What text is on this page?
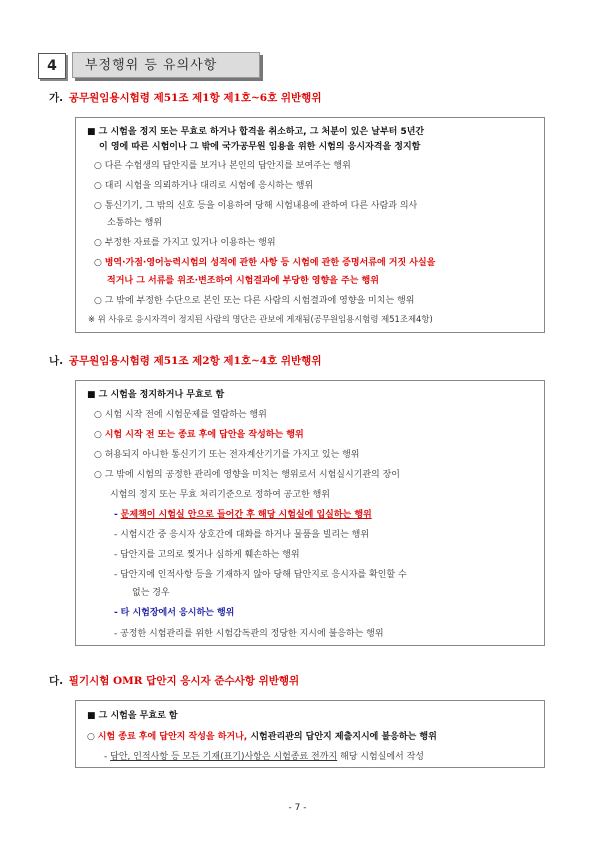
4	부정행위 등 유의사항
가. 공무원임용시험령 제51조 제1항 제1호~6호 위반행위
■ 그 시험을 정지 또는 무효로 하거나 합격을 취소하고, 그 처분이 있은 날부터 5년간
이 영에 따른 시험이나 그 밖에 국가공무원 임용을 위한 시험의 응시자격을 정지함
○ 다른 수험생의 답안지를 보거나 본인의 답안지를 보여주는 행위
○ 대리 시험을 의뢰하거나 대리로 시험에 응시하는 행위
○ 통신기기, 그 밖의 신호 등을 이용하여 당해 시험내용에 관하여 다른 사람과 의사
소통하는 행위
○ 부정한 자료를 가지고 있거나 이용하는 행위
○ 병역·가점·영어능력시험의 성적에 관한 사항 등 시험에 관한 증명서류에 거짓 사실을
적거나 그 서류를 위조·변조하여 시험결과에 부당한 영향을 주는 행위
○ 그 밖에 부정한 수단으로 본인 또는 다른 사람의 시험결과에 영향을 미치는 행위
※ 위 사유로 응시자격이 정지된 사람의 명단은 관보에 게재됨(공무원임용시험령 제51조제4항)
나. 공무원임용시험령 제51조 제2항 제1호~4호 위반행위
■ 그 시험을 정지하거나 무효로 함
○ 시험 시작 전에 시험문제를 열람하는 행위
○ 시험 시작 전 또는 종료 후에 답안을 작성하는 행위
○ 허용되지 아니한 통신기기 또는 전자계산기기를 가지고 있는 행위
○ 그 밖에 시험의 공정한 관리에 영향을 미치는 행위로서 시험실시기관의 장이
시험의 정지 또는 무효 처리기준으로 정하여 공고한 행위
- 문제책이 시험실 안으로 들어간 후 해당 시험실에 입실하는 행위
- 시험시간 중 응시자 상호간에 대화를 하거나 물품을 빌리는 행위
- 답안지를 고의로 찢거나 심하게 훼손하는 행위
- 답안지에 인적사항 등을 기재하지 않아 당해 답안지로 응시자를 확인할 수
없는 경우
- 타 시험장에서 응시하는 행위
- 공정한 시험관리를 위한 시험감독관의 정당한 지시에 불응하는 행위
다. 필기시험 OMR 답안지 응시자 준수사항 위반행위
■ 그 시험을 무효로 함
○ 시험 종료 후에 답안지 작성을 하거나, 시험관리관의 답안지 제출지시에 불응하는 행위
- 답안, 인적사항 등 모든 기재(표기)사항은 시험종료 전까지 해당 시험실에서 작성
- 7 -
